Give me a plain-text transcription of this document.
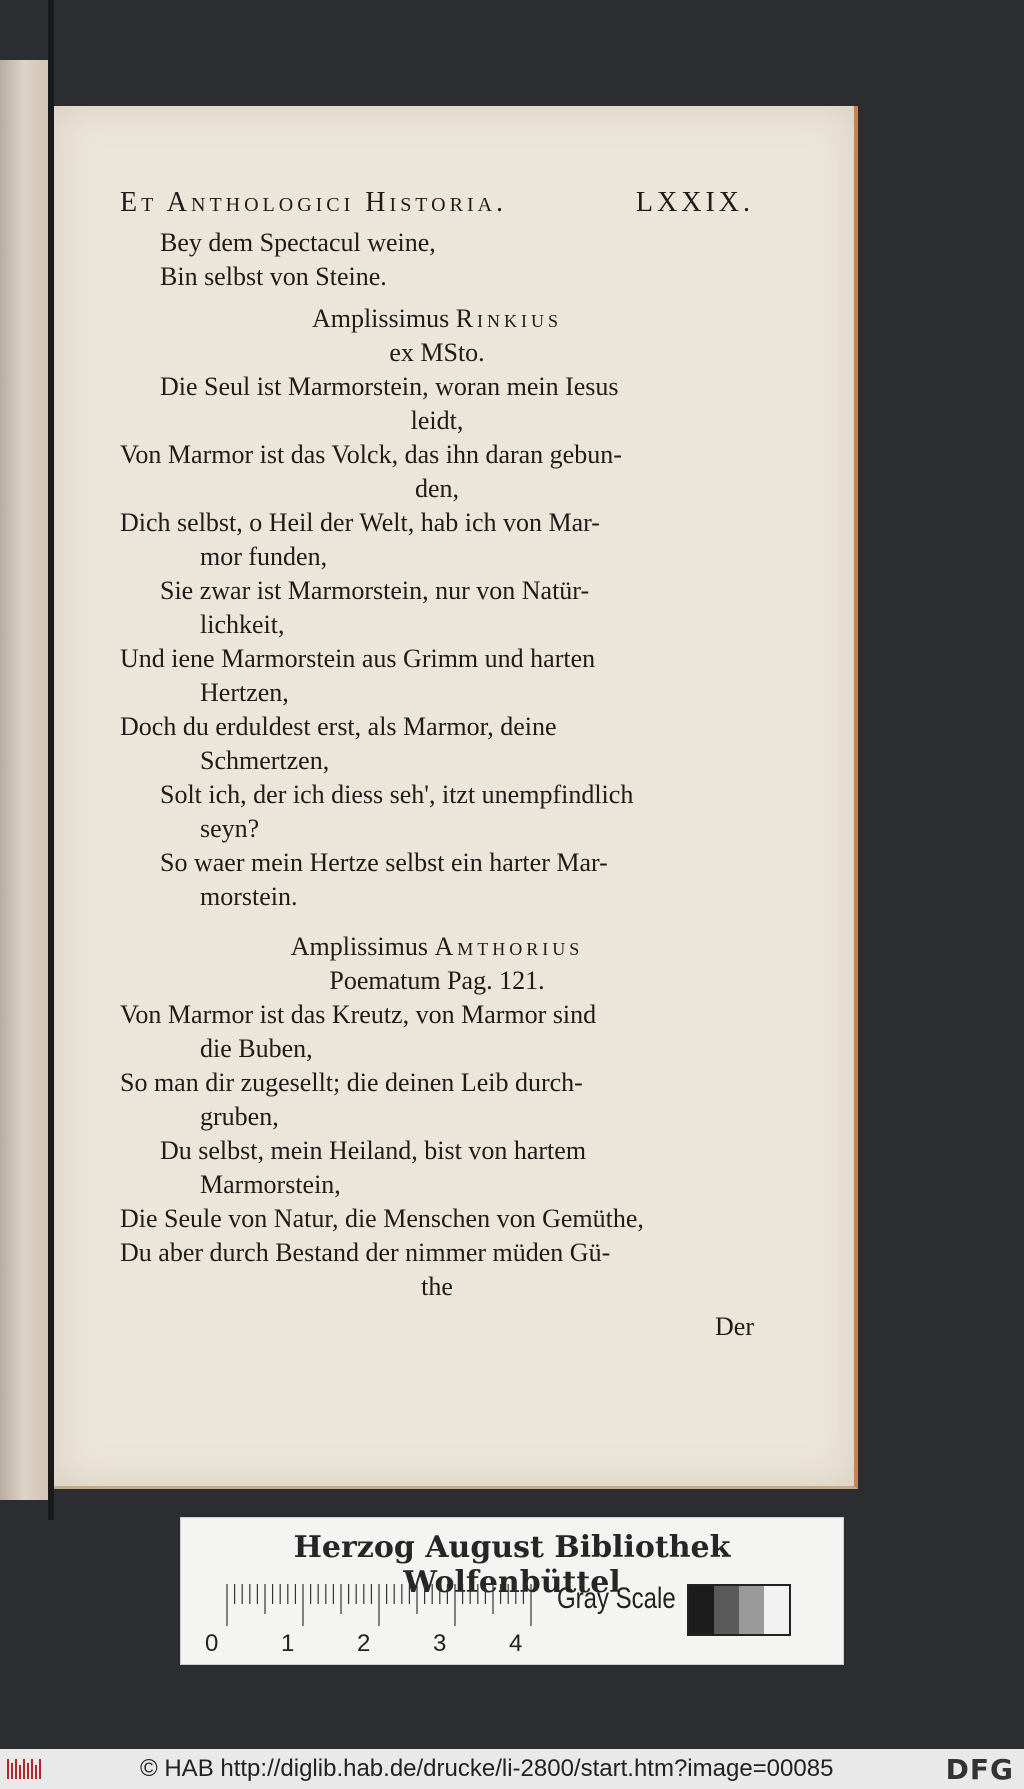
Et Anthologici Historia.	LXXIX.
Bey dem Spectacul weine,
Bin selbst von Steine.
Amplissimus Rinkius
ex MSto.
Die Seul ist Marmorstein, woran mein Iesus
leidt,
Von Marmor ist das Volck, das ihn daran gebun-
den,
Dich selbst, o Heil der Welt, hab ich von Mar-
mor funden,
Sie zwar ist Marmorstein, nur von Natür-
lichkeit,
Und iene Marmorstein aus Grimm und harten
Hertzen,
Doch du erduldest erst, als Marmor, deine
Schmertzen,
Solt ich, der ich diess seh', itzt unempfindlich
seyn?
So waer mein Hertze selbst ein harter Mar-
morstein.
Amplissimus Amthorius
Poematum Pag. 121.
Von Marmor ist das Kreutz, von Marmor sind
die Buben,
So man dir zugesellt; die deinen Leib durch-
gruben,
Du selbst, mein Heiland, bist von hartem
Marmorstein,
Die Seule von Natur, die Menschen von Gemüthe,
Du aber durch Bestand der nimmer müden Gü-
the
Der
Herzog August Bibliothek Wolfenbüttel
0	1	2	3	4
Gray Scale
© HAB http://diglib.hab.de/drucke/li-2800/start.htm?image=00085	DFG
